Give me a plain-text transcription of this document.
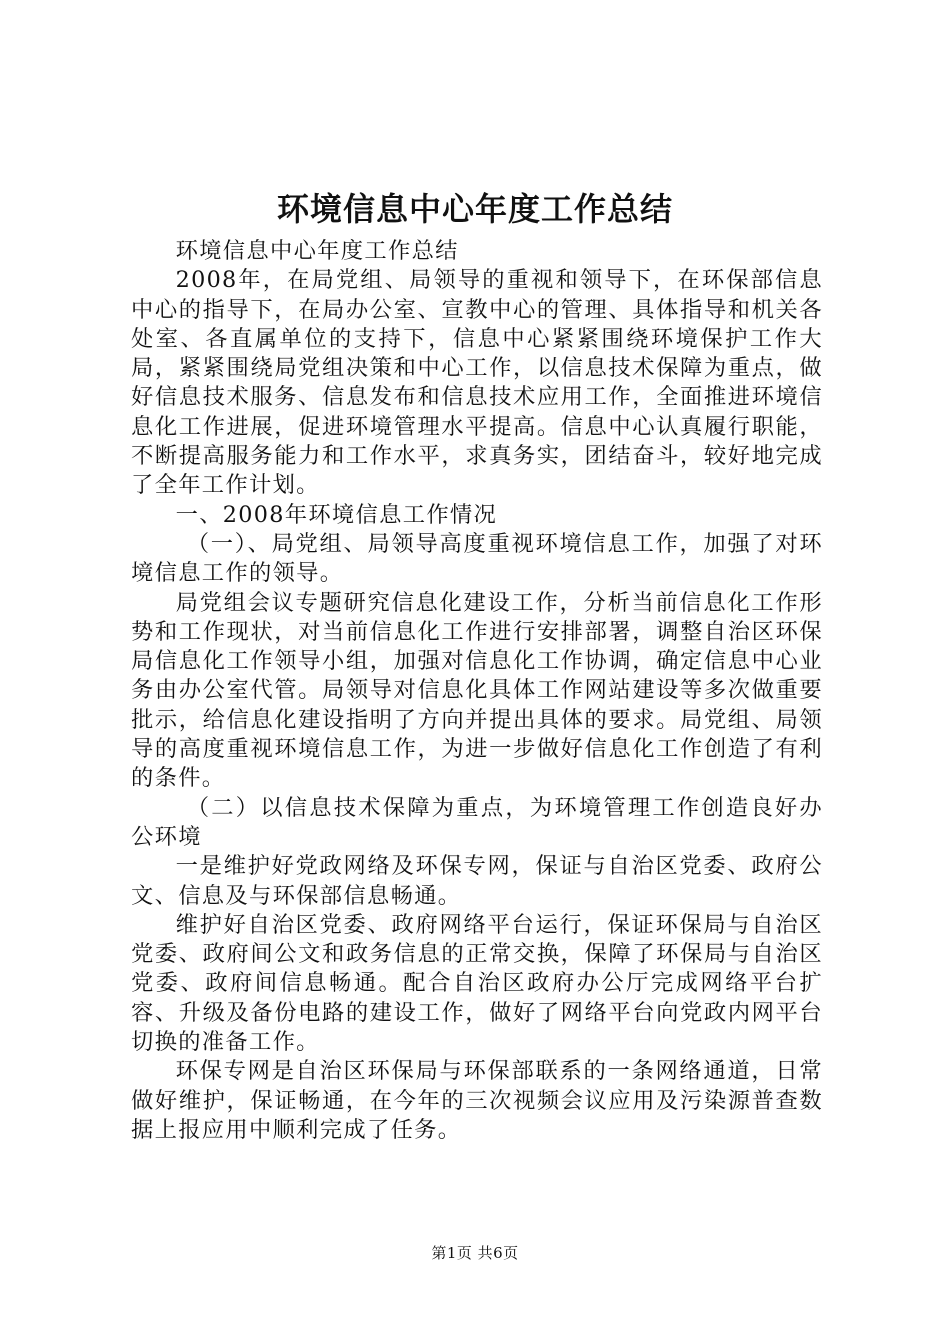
环境信息中心年度工作总结

环境信息中心年度工作总结

2008年，在局党组、局领导的重视和领导下，在环保部信息中心的指导下，在局办公室、宣教中心的管理、具体指导和机关各处室、各直属单位的支持下，信息中心紧紧围绕环境保护工作大局，紧紧围绕局党组决策和中心工作，以信息技术保障为重点，做好信息技术服务、信息发布和信息技术应用工作，全面推进环境信息化工作进展，促进环境管理水平提高。信息中心认真履行职能，不断提高服务能力和工作水平，求真务实，团结奋斗，较好地完成了全年工作计划。

一、2008年环境信息工作情况

（一）、局党组、局领导高度重视环境信息工作，加强了对环境信息工作的领导。

局党组会议专题研究信息化建设工作，分析当前信息化工作形势和工作现状，对当前信息化工作进行安排部署，调整自治区环保局信息化工作领导小组，加强对信息化工作协调，确定信息中心业务由办公室代管。局领导对信息化具体工作网站建设等多次做重要批示，给信息化建设指明了方向并提出具体的要求。局党组、局领导的高度重视环境信息工作，为进一步做好信息化工作创造了有利的条件。

（二）以信息技术保障为重点，为环境管理工作创造良好办公环境

一是维护好党政网络及环保专网，保证与自治区党委、政府公文、信息及与环保部信息畅通。

维护好自治区党委、政府网络平台运行，保证环保局与自治区党委、政府间公文和政务信息的正常交换，保障了环保局与自治区党委、政府间信息畅通。配合自治区政府办公厅完成网络平台扩容、升级及备份电路的建设工作，做好了网络平台向党政内网平台切换的准备工作。

环保专网是自治区环保局与环保部联系的一条网络通道，日常做好维护，保证畅通，在今年的三次视频会议应用及污染源普查数据上报应用中顺利完成了任务。

第1页 共6页
